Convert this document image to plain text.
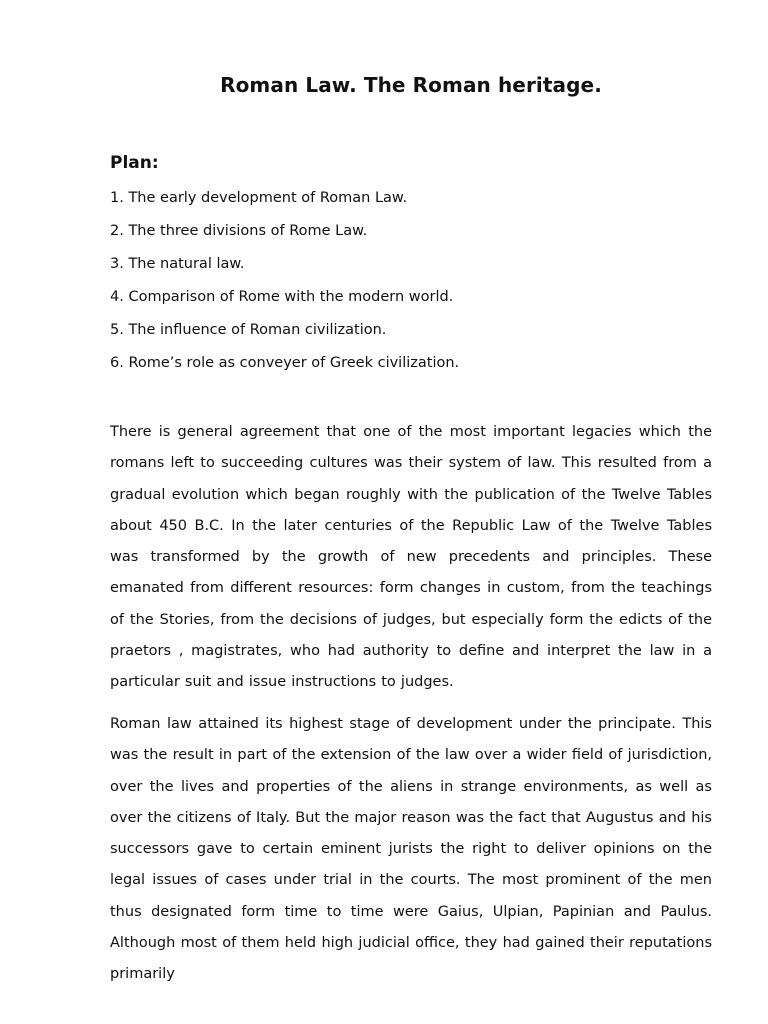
Roman Law. The Roman heritage.
Plan:
1. The early development of Roman Law.
2. The three divisions of Rome Law.
3. The natural law.
4. Comparison of Rome with the modern world.
5. The influence of Roman civilization.
6. Rome’s role as conveyer of Greek civilization.

There is general agreement that one of the most important legacies which the romans left to succeeding cultures was their system of law. This resulted from a gradual evolution which began roughly with the publication of the Twelve Tables about 450 B.C. In the later centuries of the Republic Law of the Twelve Tables was transformed by the growth of new precedents and principles. These emanated from different resources: form changes in custom, from the teachings of the Stories, from the decisions of judges, but especially form the edicts of the praetors , magistrates, who had authority to define and interpret the law in a particular suit and issue instructions to judges.

Roman law attained its highest stage of development under the principate. This was the result in part of the extension of the law over a wider field of jurisdiction, over the lives and properties of the aliens in strange environments, as well as over the citizens of Italy. But the major reason was the fact that Augustus and his successors gave to certain eminent jurists the right to deliver opinions on the legal issues of cases under trial in the courts. The most prominent of the men thus designated form time to time were Gaius, Ulpian, Papinian and Paulus. Although most of them held high judicial office, they had gained their reputations primarily
